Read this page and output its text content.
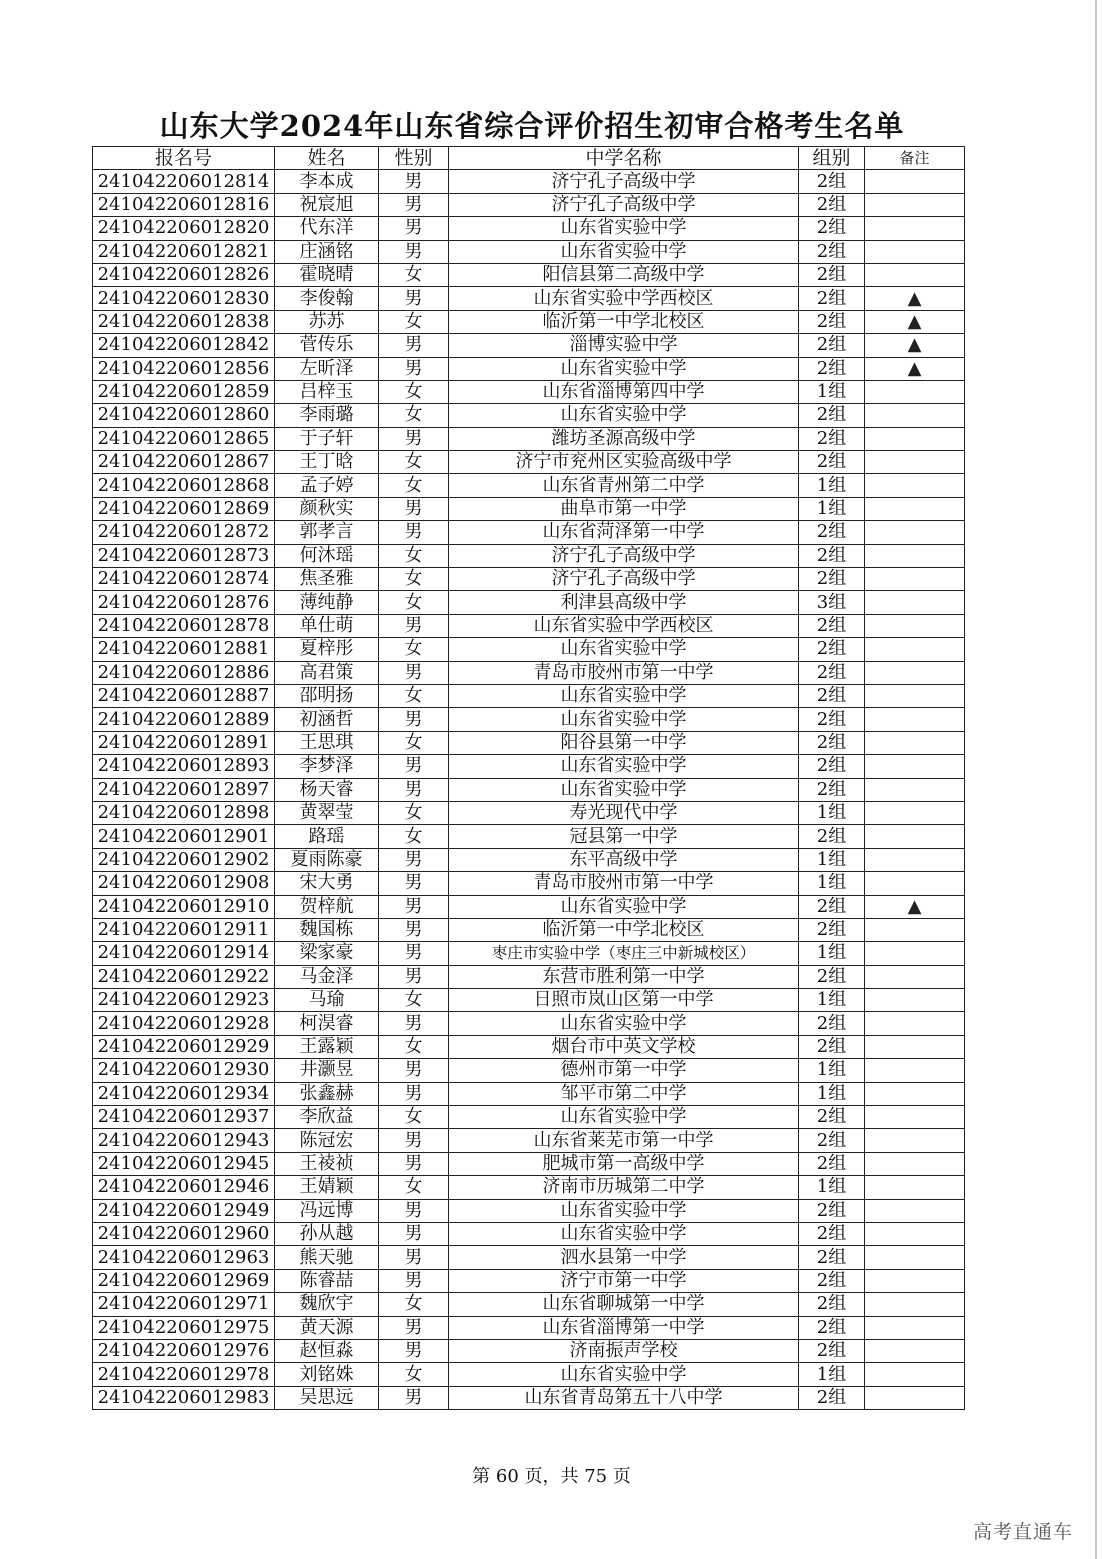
山东大学2024年山东省综合评价招生初审合格考生名单
报名号	姓名	性别	中学名称	组别	备注
241042206012814	李本成	男	济宁孔子高级中学	2组	
241042206012816	祝宸旭	男	济宁孔子高级中学	2组	
241042206012820	代东洋	男	山东省实验中学	2组	
241042206012821	庄涵铭	男	山东省实验中学	2组	
241042206012826	霍晓晴	女	阳信县第二高级中学	2组	
241042206012830	李俊翰	男	山东省实验中学西校区	2组	▲
241042206012838	苏苏	女	临沂第一中学北校区	2组	▲
241042206012842	菅传乐	男	淄博实验中学	2组	▲
241042206012856	左昕泽	男	山东省实验中学	2组	▲
241042206012859	吕梓玉	女	山东省淄博第四中学	1组	
241042206012860	李雨璐	女	山东省实验中学	2组	
241042206012865	于子轩	男	潍坊圣源高级中学	2组	
241042206012867	王丁晗	女	济宁市兖州区实验高级中学	2组	
241042206012868	孟子婷	女	山东省青州第二中学	1组	
241042206012869	颜秋实	男	曲阜市第一中学	1组	
241042206012872	郭孝言	男	山东省菏泽第一中学	2组	
241042206012873	何沐瑶	女	济宁孔子高级中学	2组	
241042206012874	焦圣雅	女	济宁孔子高级中学	2组	
241042206012876	薄纯静	女	利津县高级中学	3组	
241042206012878	单仕萌	男	山东省实验中学西校区	2组	
241042206012881	夏梓彤	女	山东省实验中学	2组	
241042206012886	高君策	男	青岛市胶州市第一中学	2组	
241042206012887	邵明扬	女	山东省实验中学	2组	
241042206012889	初涵哲	男	山东省实验中学	2组	
241042206012891	王思琪	女	阳谷县第一中学	2组	
241042206012893	李梦泽	男	山东省实验中学	2组	
241042206012897	杨天睿	男	山东省实验中学	2组	
241042206012898	黄翠莹	女	寿光现代中学	1组	
241042206012901	路瑶	女	冠县第一中学	2组	
241042206012902	夏雨陈豪	男	东平高级中学	1组	
241042206012908	宋大勇	男	青岛市胶州市第一中学	1组	
241042206012910	贺梓航	男	山东省实验中学	2组	▲
241042206012911	魏国栋	男	临沂第一中学北校区	2组	
241042206012914	梁家豪	男	枣庄市实验中学（枣庄三中新城校区）	1组	
241042206012922	马金泽	男	东营市胜利第一中学	2组	
241042206012923	马瑜	女	日照市岚山区第一中学	1组	
241042206012928	柯淏睿	男	山东省实验中学	2组	
241042206012929	王露颖	女	烟台市中英文学校	2组	
241042206012930	井灏昱	男	德州市第一中学	1组	
241042206012934	张鑫赫	男	邹平市第二中学	1组	
241042206012937	李欣益	女	山东省实验中学	2组	
241042206012943	陈冠宏	男	山东省莱芜市第一中学	2组	
241042206012945	王祾祯	男	肥城市第一高级中学	2组	
241042206012946	王婧颖	女	济南市历城第二中学	1组	
241042206012949	冯远博	男	山东省实验中学	2组	
241042206012960	孙从越	男	山东省实验中学	2组	
241042206012963	熊天驰	男	泗水县第一中学	2组	
241042206012969	陈睿喆	男	济宁市第一中学	2组	
241042206012971	魏欣宇	女	山东省聊城第一中学	2组	
241042206012975	黄天源	男	山东省淄博第一中学	2组	
241042206012976	赵恒淼	男	济南振声学校	2组	
241042206012978	刘铭姝	女	山东省实验中学	1组	
241042206012983	吴思远	男	山东省青岛第五十八中学	2组	
第 60 页，共 75 页
高考直通车
